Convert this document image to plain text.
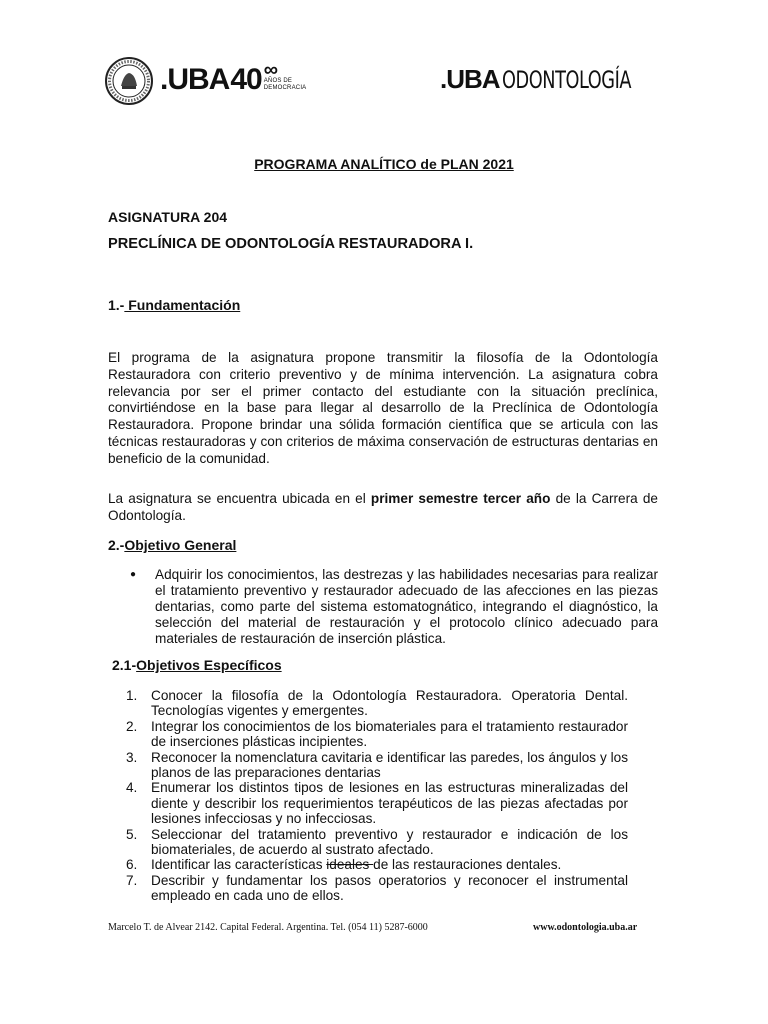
.UBA 40 ∞
AÑOS DE
DEMOCRACIA	.UBA ODONTOLOGÍA
PROGRAMA ANALÍTICO de PLAN 2021
ASIGNATURA 204
PRECLÍNICA DE ODONTOLOGÍA RESTAURADORA I.
1.- Fundamentación
El programa de la asignatura propone transmitir la filosofía de la Odontología Restauradora con criterio preventivo y de mínima intervención. La asignatura cobra relevancia por ser el primer contacto del estudiante con la situación preclínica, convirtiéndose en la base para llegar al desarrollo de la Preclínica de Odontología Restauradora. Propone brindar una sólida formación científica que se articula con las técnicas restauradoras y con criterios de máxima conservación de estructuras dentarias en beneficio de la comunidad.
La asignatura se encuentra ubicada en el primer semestre tercer año de la Carrera de Odontología.
2.-Objetivo General
● Adquirir los conocimientos, las destrezas y las habilidades necesarias para realizar el tratamiento preventivo y restaurador adecuado de las afecciones en las piezas dentarias, como parte del sistema estomatognático, integrando el diagnóstico, la selección del material de restauración y el protocolo clínico adecuado para materiales de restauración de inserción plástica.
2.1-Objetivos Específicos
1. Conocer la filosofía de la Odontología Restauradora. Operatoria Dental. Tecnologías vigentes y emergentes.
2. Integrar los conocimientos de los biomateriales para el tratamiento restaurador de inserciones plásticas incipientes.
3. Reconocer la nomenclatura cavitaria e identificar las paredes, los ángulos y los planos de las preparaciones dentarias
4. Enumerar los distintos tipos de lesiones en las estructuras mineralizadas del diente y describir los requerimientos terapéuticos de las piezas afectadas por lesiones infecciosas y no infecciosas.
5. Seleccionar del tratamiento preventivo y restaurador e indicación de los biomateriales, de acuerdo al sustrato afectado.
6. Identificar las características ideales de las restauraciones dentales.
7. Describir y fundamentar los pasos operatorios y reconocer el instrumental empleado en cada uno de ellos.
Marcelo T. de Alvear 2142. Capital Federal. Argentina. Tel. (054 11) 5287-6000	www.odontologia.uba.ar
